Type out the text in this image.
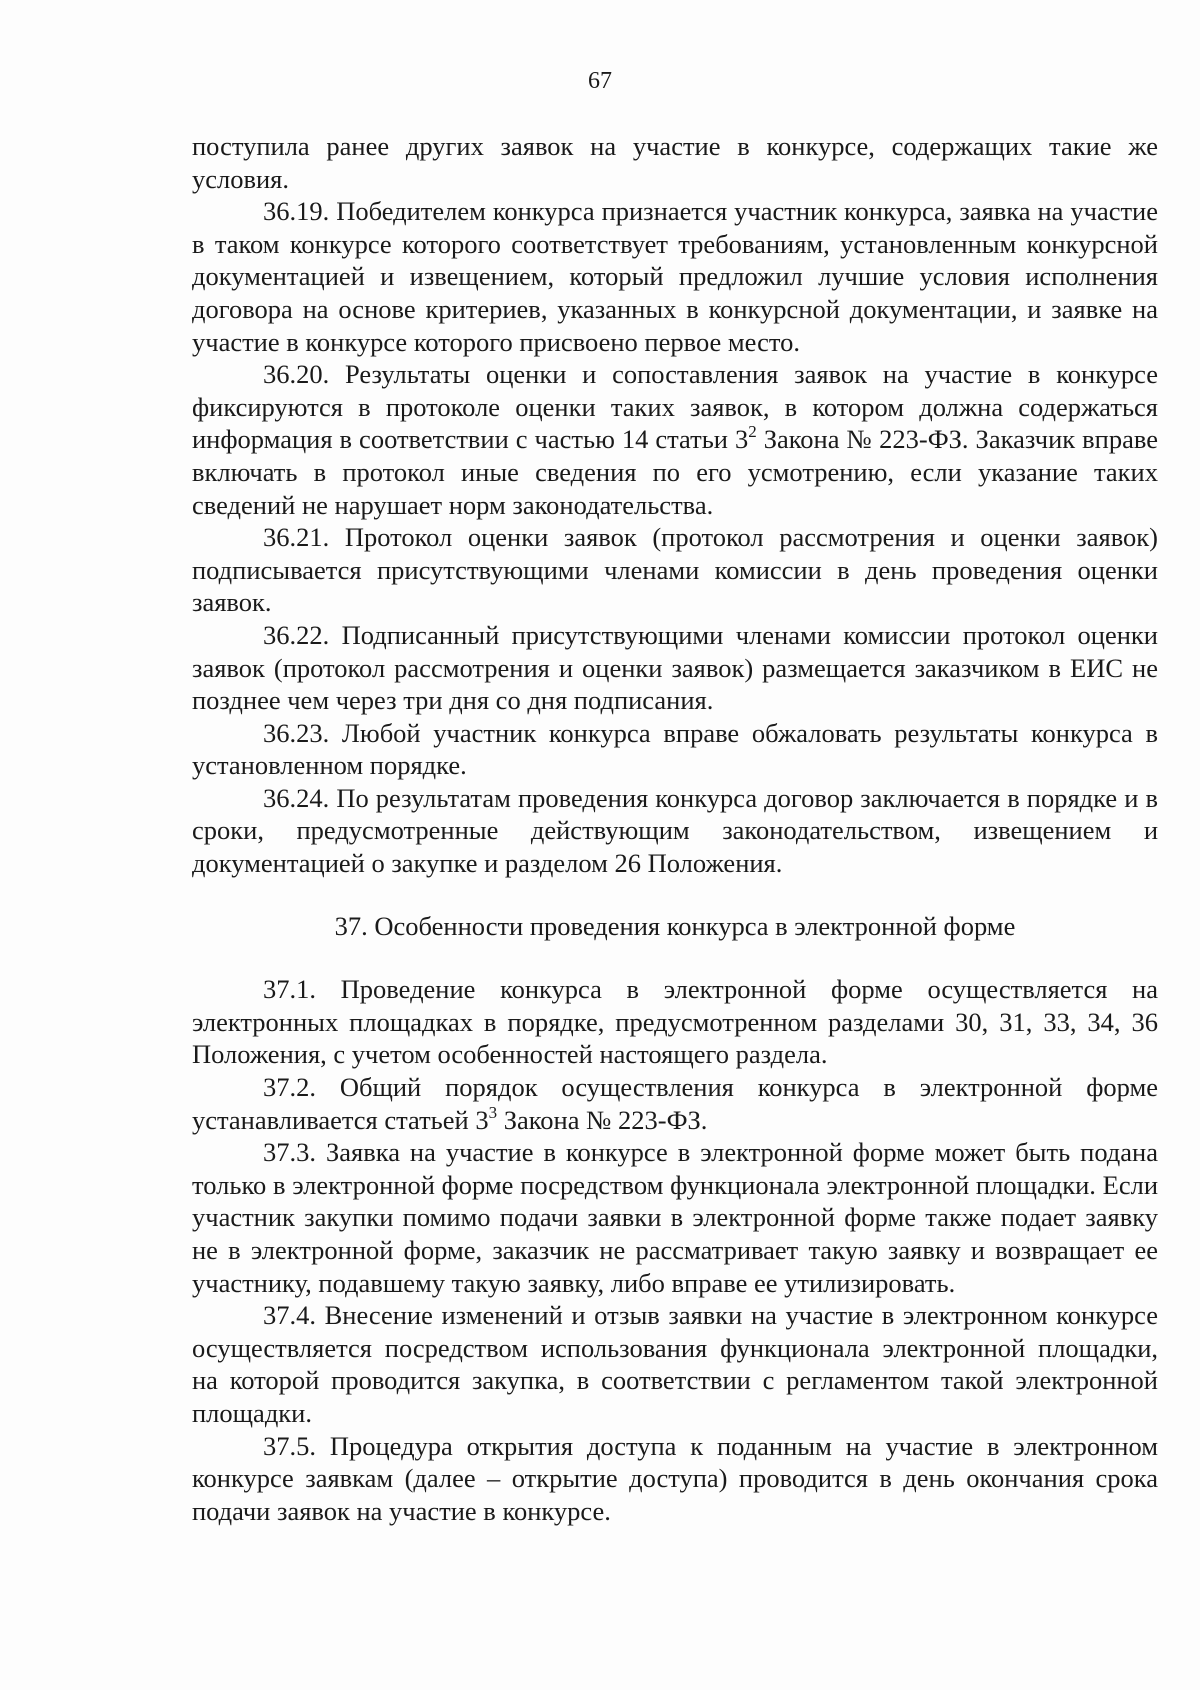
67

поступила ранее других заявок на участие в конкурсе, содержащих такие же условия.

36.19. Победителем конкурса признается участник конкурса, заявка на участие в таком конкурсе которого соответствует требованиям, установленным конкурсной документацией и извещением, который предложил лучшие условия исполнения договора на основе критериев, указанных в конкурсной документации, и заявке на участие в конкурсе которого присвоено первое место.

36.20. Результаты оценки и сопоставления заявок на участие в конкурсе фиксируются в протоколе оценки таких заявок, в котором должна содержаться информация в соответствии с частью 14 статьи $3^2$ Закона № 223-ФЗ. Заказчик вправе включать в протокол иные сведения по его усмотрению, если указание таких сведений не нарушает норм законодательства.

36.21. Протокол оценки заявок (протокол рассмотрения и оценки заявок) подписывается присутствующими членами комиссии в день проведения оценки заявок.

36.22. Подписанный присутствующими членами комиссии протокол оценки заявок (протокол рассмотрения и оценки заявок) размещается заказчиком в ЕИС не позднее чем через три дня со дня подписания.

36.23. Любой участник конкурса вправе обжаловать результаты конкурса в установленном порядке.

36.24. По результатам проведения конкурса договор заключается в порядке и в сроки, предусмотренные действующим законодательством, извещением и документацией о закупке и разделом 26 Положения.

37. Особенности проведения конкурса в электронной форме

37.1. Проведение конкурса в электронной форме осуществляется на электронных площадках в порядке, предусмотренном разделами 30, 31, 33, 34, 36 Положения, с учетом особенностей настоящего раздела.

37.2. Общий порядок осуществления конкурса в электронной форме устанавливается статьей $3^3$ Закона № 223-ФЗ.

37.3. Заявка на участие в конкурсе в электронной форме может быть подана только в электронной форме посредством функционала электронной площадки. Если участник закупки помимо подачи заявки в электронной форме также подает заявку не в электронной форме, заказчик не рассматривает такую заявку и возвращает ее участнику, подавшему такую заявку, либо вправе ее утилизировать.

37.4. Внесение изменений и отзыв заявки на участие в электронном конкурсе осуществляется посредством использования функционала электронной площадки, на которой проводится закупка, в соответствии с регламентом такой электронной площадки.

37.5. Процедура открытия доступа к поданным на участие в электронном конкурсе заявкам (далее – открытие доступа) проводится в день окончания срока подачи заявок на участие в конкурсе.
